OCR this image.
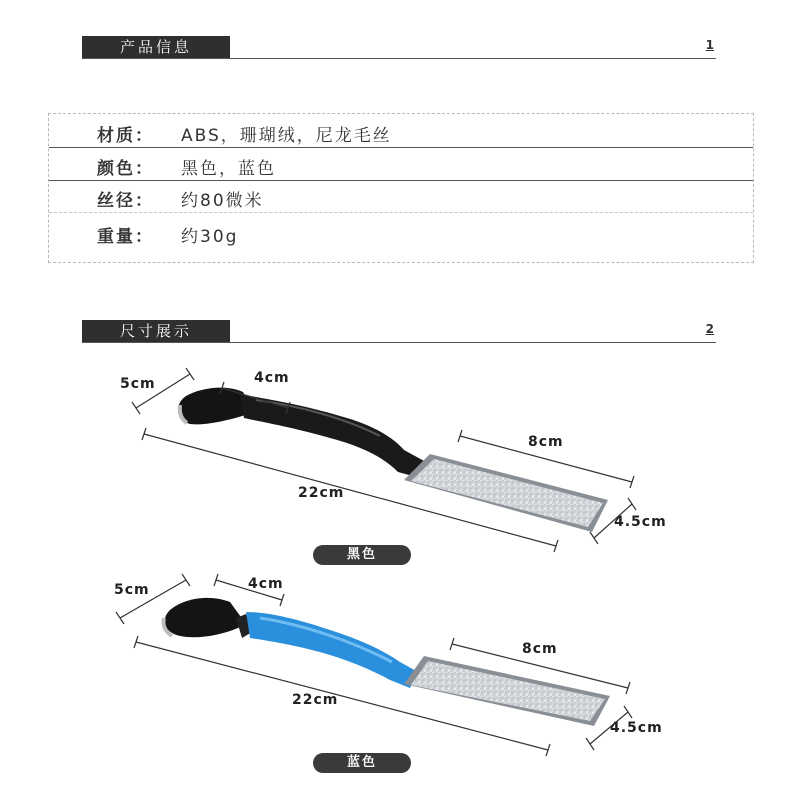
产品信息	1
材质： ABS，珊瑚绒，尼龙毛丝
颜色： 黑色，蓝色
丝径： 约80微米
重量： 约30g
尺寸展示	2
5cm	4cm
8cm
22cm
4.5cm
黑色
5cm	4cm
8cm
22cm
4.5cm
蓝色
